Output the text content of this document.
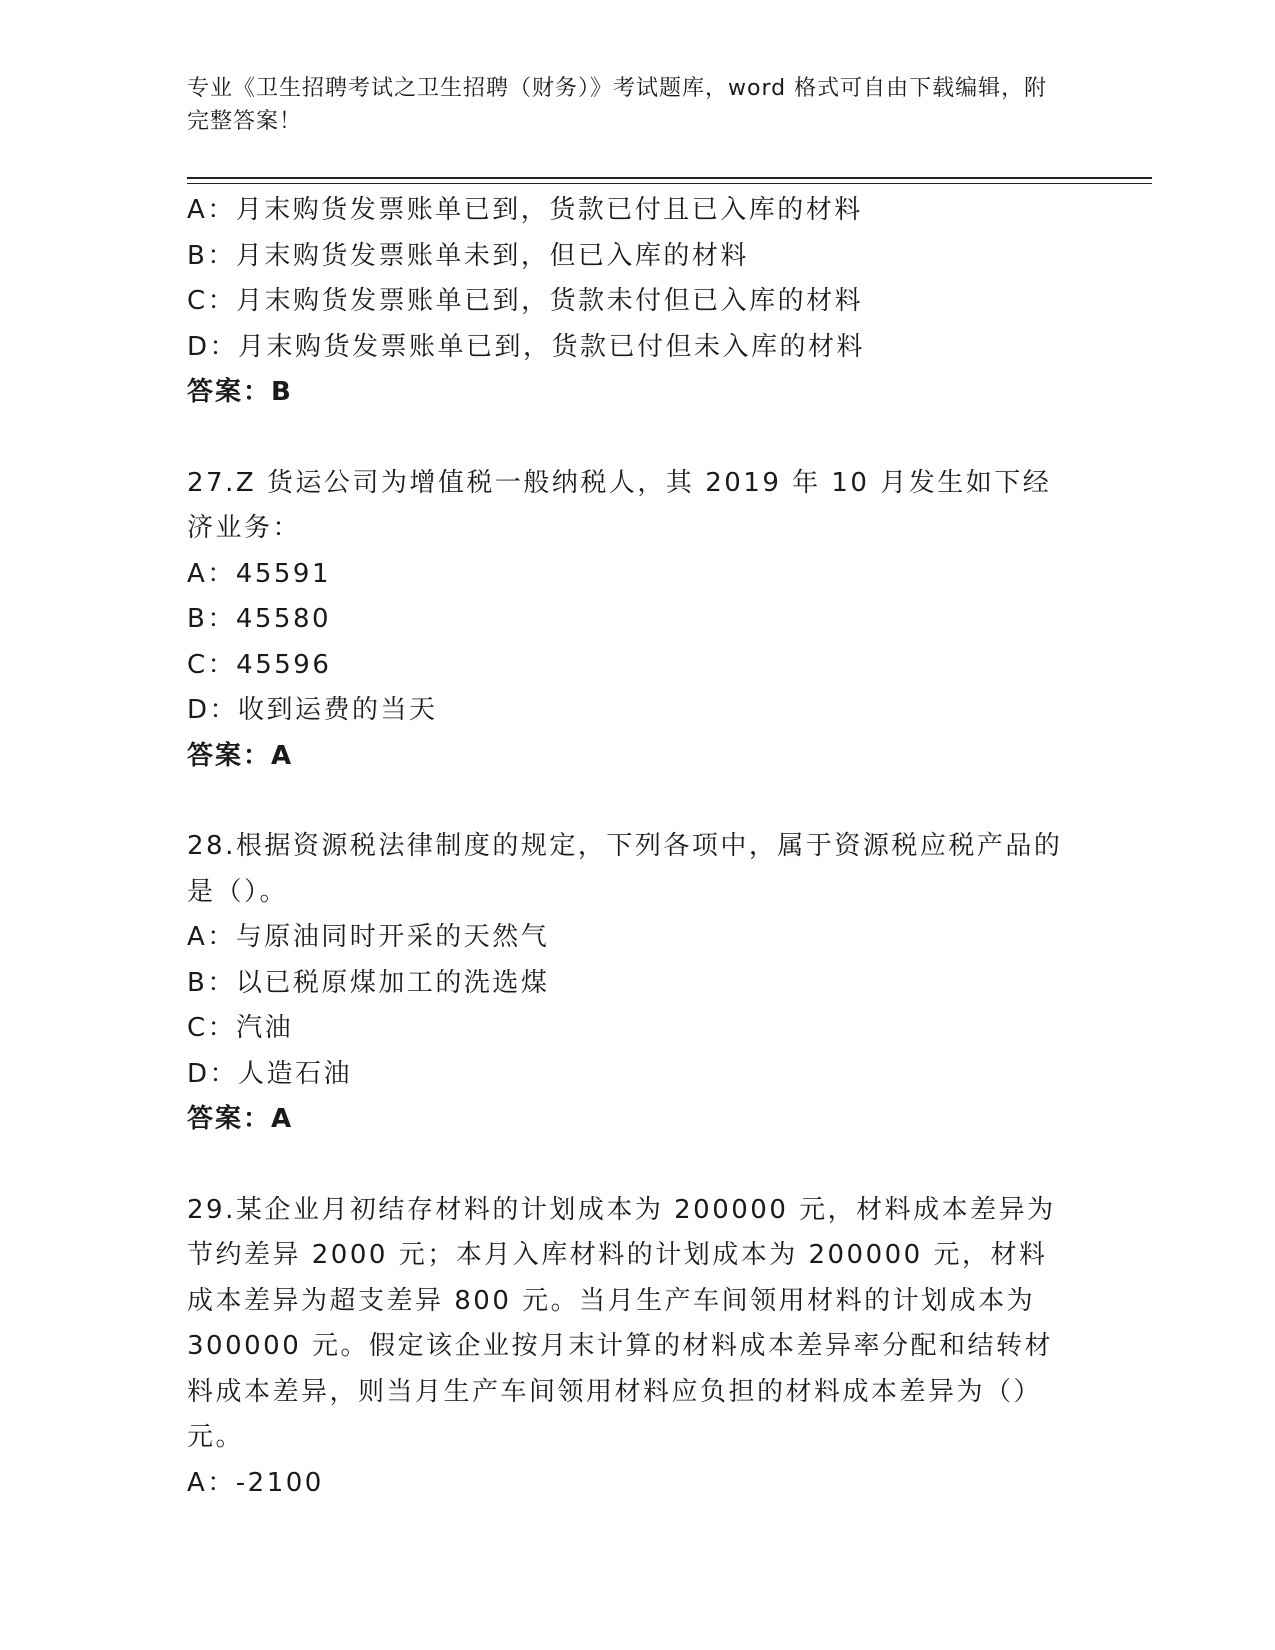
专业《卫生招聘考试之卫生招聘（财务）》考试题库，word 格式可自由下载编辑，附完整答案！
A：月末购货发票账单已到，货款已付且已入库的材料
B：月末购货发票账单未到，但已入库的材料
C：月末购货发票账单已到，货款未付但已入库的材料
D：月末购货发票账单已到，货款已付但未入库的材料
答案：B
27.Z 货运公司为增值税一般纳税人，其 2019 年 10 月发生如下经济业务：
A：45591
B：45580
C：45596
D：收到运费的当天
答案：A
28.根据资源税法律制度的规定，下列各项中，属于资源税应税产品的是（）。
A：与原油同时开采的天然气
B：以已税原煤加工的洗选煤
C：汽油
D：人造石油
答案：A
29.某企业月初结存材料的计划成本为 200000 元，材料成本差异为节约差异 2000 元；本月入库材料的计划成本为 200000 元，材料成本差异为超支差异 800 元。当月生产车间领用材料的计划成本为 300000 元。假定该企业按月末计算的材料成本差异率分配和结转材料成本差异，则当月生产车间领用材料应负担的材料成本差异为（）元。
A：-2100
